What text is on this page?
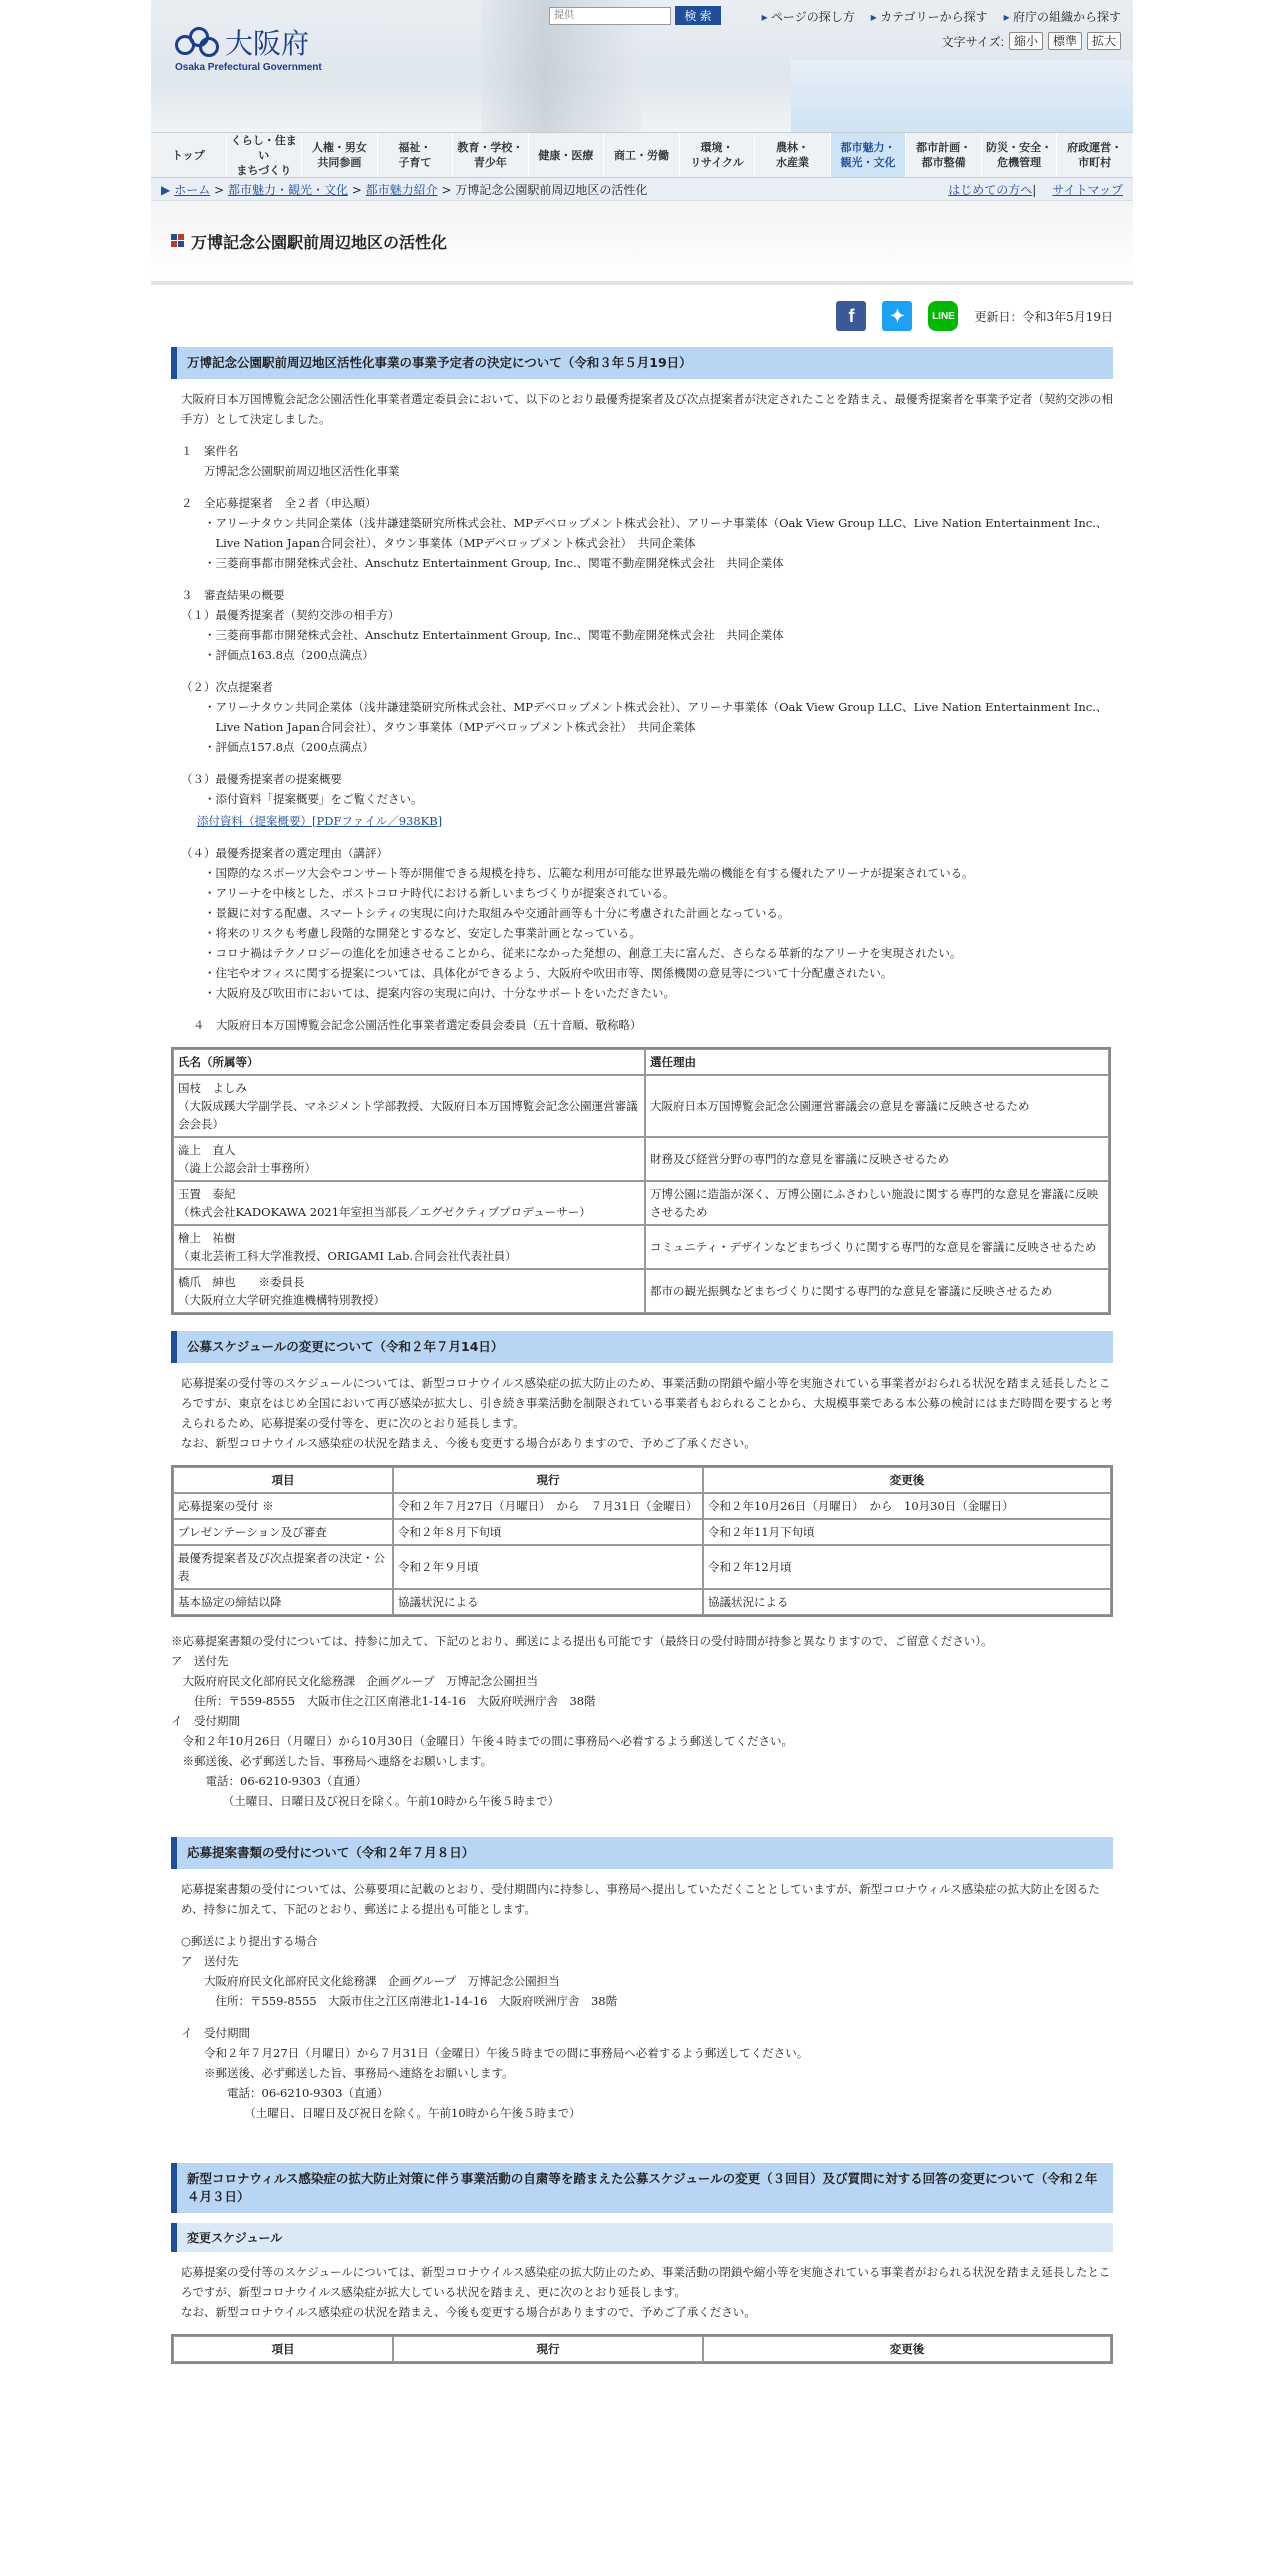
大阪府
Osaka Prefectural Government
提供
検 索	▸ ページの探し方	▸ カテゴリーから探す	▸ 府庁の組織から探す
文字サイズ: 縮小	標準	拡大
トップ
くらし・住まい
まちづくり
人権・男女
共同参画
福祉・
子育て
教育・学校・
青少年
健康・医療	商工・労働
環境・
リサイクル
農林・
水産業
都市魅力・
観光・文化
都市計画・
都市整備
防災・安全・
危機管理
府政運営・
市町村
▶ ホーム > 都市魅力・観光・文化 > 都市魅力紹介 > 万博記念公園駅前周辺地区の活性化	はじめての方へ| サイトマップ
万博記念公園駅前周辺地区の活性化
f	✦	LINE	更新日：令和3年5月19日
万博記念公園駅前周辺地区活性化事業の事業予定者の決定について（令和３年５月19日）
大阪府日本万国博覧会記念公園活性化事業者選定委員会において、以下のとおり最優秀提案者及び次点提案者が決定されたことを踏まえ、最優秀提案者を事業予定者（契約交渉の相手方）として決定しました。
１　案件名
　　万博記念公園駅前周辺地区活性化事業
２　全応募提案者　全２者（申込順）
　　・アリーナタウン共同企業体（浅井謙建築研究所株式会社、MPデベロップメント株式会社）、アリーナ事業体（Oak View Group LLC、Live Nation Entertainment Inc.、
　　　Live Nation Japan合同会社）、タウン事業体（MPデベロップメント株式会社）　共同企業体
　　・三菱商事都市開発株式会社、Anschutz Entertainment Group, Inc.、関電不動産開発株式会社　共同企業体
３　審査結果の概要
（１）最優秀提案者（契約交渉の相手方）
　　・三菱商事都市開発株式会社、Anschutz Entertainment Group, Inc.、関電不動産開発株式会社　共同企業体
　　・評価点163.8点（200点満点）
（２）次点提案者
　　・アリーナタウン共同企業体（浅井謙建築研究所株式会社、MPデベロップメント株式会社）、アリーナ事業体（Oak View Group LLC、Live Nation Entertainment Inc.、
　　　Live Nation Japan合同会社）、タウン事業体（MPデベロップメント株式会社）　共同企業体
　　・評価点157.8点（200点満点）
（３）最優秀提案者の提案概要
　　・添付資料「提案概要」をご覧ください。
添付資料（提案概要）[PDFファイル／938KB]
（４）最優秀提案者の選定理由（講評）
　　・国際的なスポーツ大会やコンサート等が開催できる規模を持ち、広範な利用が可能な世界最先端の機能を有する優れたアリーナが提案されている。
　　・アリーナを中核とした、ポストコロナ時代における新しいまちづくりが提案されている。
　　・景観に対する配慮、スマートシティの実現に向けた取組みや交通計画等も十分に考慮された計画となっている。
　　・将来のリスクも考慮し段階的な開発とするなど、安定した事業計画となっている。
　　・コロナ禍はテクノロジーの進化を加速させることから、従来になかった発想の、創意工夫に富んだ、さらなる革新的なアリーナを実現されたい。
　　・住宅やオフィスに関する提案については、具体化ができるよう、大阪府や吹田市等、関係機関の意見等について十分配慮されたい。
　　・大阪府及び吹田市においては、提案内容の実現に向け、十分なサポートをいただきたい。
４　大阪府日本万国博覧会記念公園活性化事業者選定委員会委員（五十音順、敬称略）
氏名（所属等）	選任理由
国枝　よしみ
（大阪成蹊大学副学長、マネジメント学部教授、大阪府日本万国博覧会記念公園運営審議会会長）	大阪府日本万国博覧会記念公園運営審議会の意見を審議に反映させるため
澁上　直人
（澁上公認会計士事務所）	財務及び経営分野の専門的な意見を審議に反映させるため
玉置　泰紀
（株式会社KADOKAWA 2021年室担当部長／エグゼクティブプロデューサー）	万博公園に造詣が深く、万博公園にふさわしい施設に関する専門的な意見を審議に反映させるため
檜上　祐樹
（東北芸術工科大学准教授、ORIGAMI Lab.合同会社代表社員）	コミュニティ・デザインなどまちづくりに関する専門的な意見を審議に反映させるため
橋爪　紳也　　※委員長
（大阪府立大学研究推進機構特別教授）	都市の観光振興などまちづくりに関する専門的な意見を審議に反映させるため
公募スケジュールの変更について（令和２年７月14日）
応募提案の受付等のスケジュールについては、新型コロナウイルス感染症の拡大防止のため、事業活動の閉鎖や縮小等を実施されている事業者がおられる状況を踏まえ延長したところですが、東京をはじめ全国において再び感染が拡大し、引き続き事業活動を制限されている事業者もおられることから、大規模事業である本公募の検討にはまだ時間を要すると考えられるため、応募提案の受付等を、更に次のとおり延長します。
なお、新型コロナウイルス感染症の状況を踏まえ、今後も変更する場合がありますので、予めご了承ください。
項目	現行	変更後
応募提案の受付 ※	令和２年７月27日（月曜日）　から　７月31日（金曜日）	令和２年10月26日（月曜日）　から　10月30日（金曜日）
プレゼンテーション及び審査	令和２年８月下旬頃	令和２年11月下旬頃
最優秀提案者及び次点提案者の決定・公表	令和２年９月頃	令和２年12月頃
基本協定の締結以降	協議状況による	協議状況による
※応募提案書類の受付については、持参に加えて、下記のとおり、郵送による提出も可能です（最終日の受付時間が持参と異なりますので、ご留意ください）。
ア　送付先
　大阪府府民文化部府民文化総務課　企画グループ　万博記念公園担当
　　住所：〒559-8555　大阪市住之江区南港北1-14-16　大阪府咲洲庁舎　38階
イ　受付期間
　令和２年10月26日（月曜日）から10月30日（金曜日）午後４時までの間に事務局へ必着するよう郵送してください。
　※郵送後、必ず郵送した旨、事務局へ連絡をお願いします。
　　　電話：06-6210-9303（直通）
　　　　　（土曜日、日曜日及び祝日を除く。午前10時から午後５時まで）
応募提案書類の受付について（令和２年７月８日）
応募提案書類の受付については、公募要項に記載のとおり、受付期間内に持参し、事務局へ提出していただくこととしていますが、新型コロナウィルス感染症の拡大防止を図るため、持参に加えて、下記のとおり、郵送による提出も可能とします。
○郵送により提出する場合
ア　送付先
　　大阪府府民文化部府民文化総務課　企画グループ　万博記念公園担当
　　　住所：〒559-8555　大阪市住之江区南港北1-14-16　大阪府咲洲庁舎　38階
イ　受付期間
　　令和２年７月27日（月曜日）から７月31日（金曜日）午後５時までの間に事務局へ必着するよう郵送してください。
　　※郵送後、必ず郵送した旨、事務局へ連絡をお願いします。
　　　　電話：06-6210-9303（直通）
　　　　　　（土曜日、日曜日及び祝日を除く。午前10時から午後５時まで）
新型コロナウィルス感染症の拡大防止対策に伴う事業活動の自粛等を踏まえた公募スケジュールの変更（３回目）及び質問に対する回答の変更について（令和２年４月３日）
変更スケジュール
応募提案の受付等のスケジュールについては、新型コロナウイルス感染症の拡大防止のため、事業活動の閉鎖や縮小等を実施されている事業者がおられる状況を踏まえ延長したところですが、新型コロナウイルス感染症が拡大している状況を踏まえ、更に次のとおり延長します。
なお、新型コロナウイルス感染症の状況を踏まえ、今後も変更する場合がありますので、予めご了承ください。
項目	現行	変更後
